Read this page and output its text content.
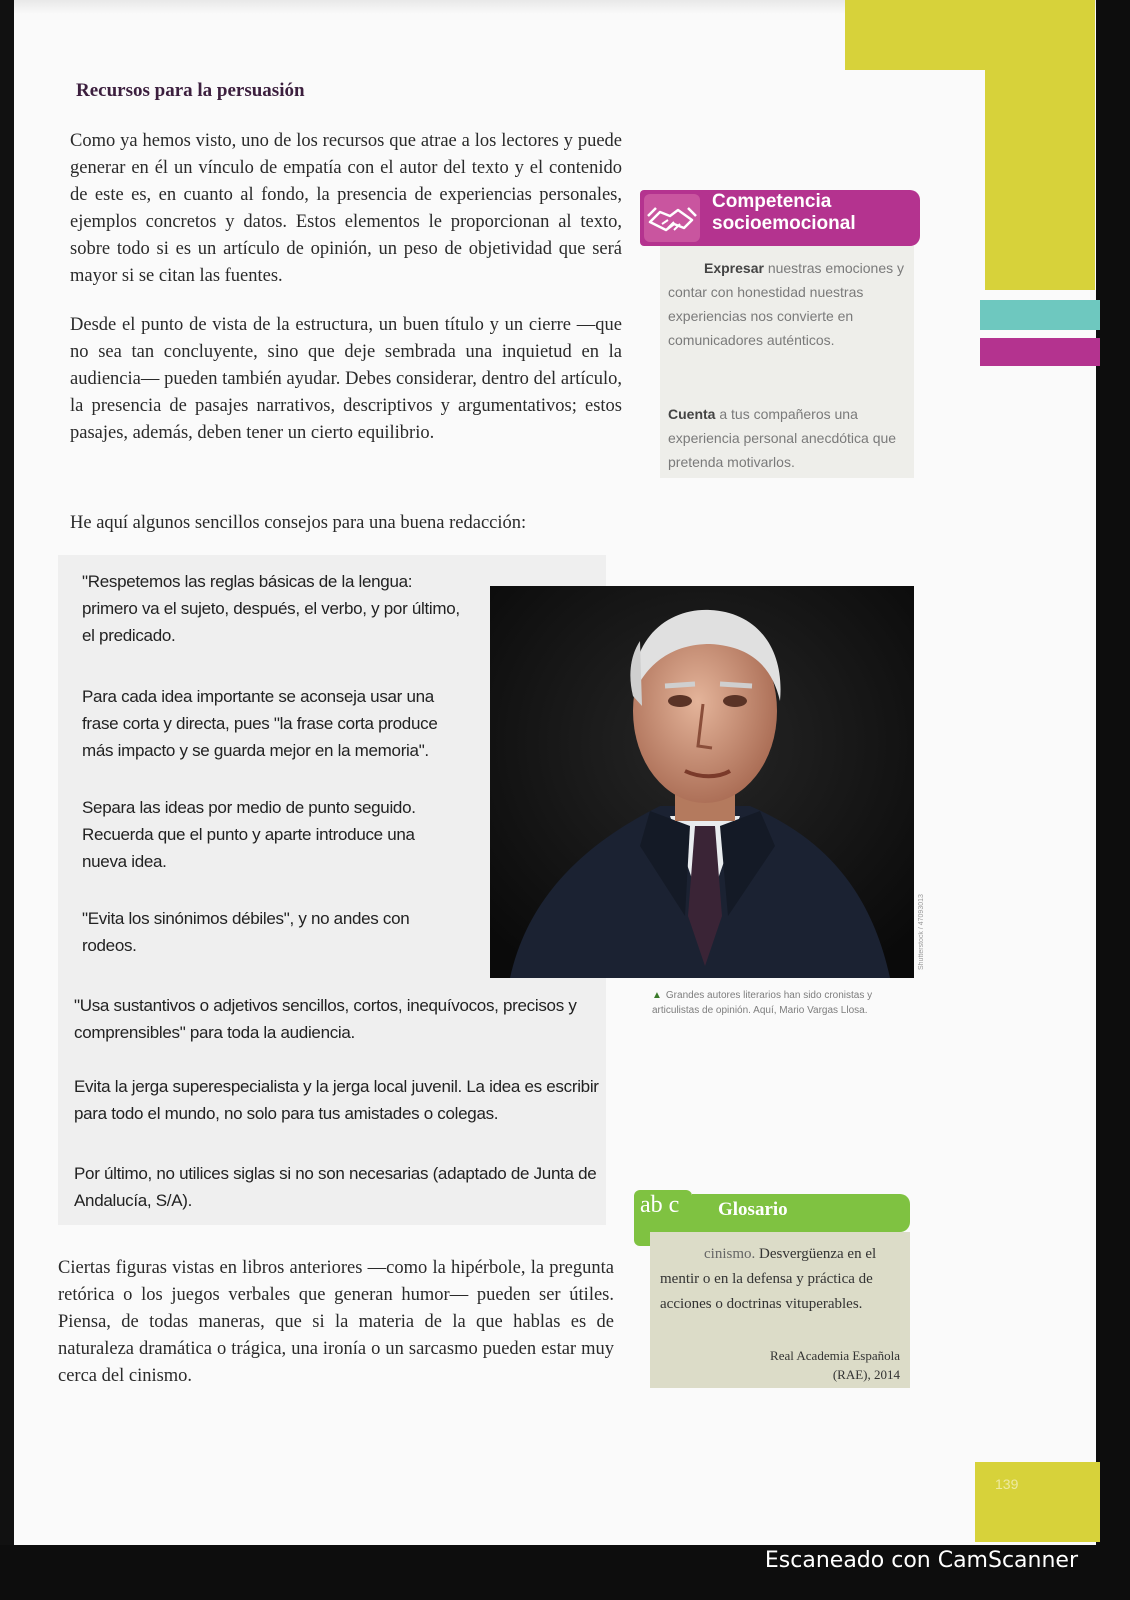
Recursos para la persuasión
Como ya hemos visto, uno de los recursos que atrae a los lectores y puede generar en él un vínculo de empatía con el autor del texto y el contenido de este es, en cuanto al fondo, la presencia de experiencias personales, ejemplos concretos y datos. Estos elementos le proporcionan al texto, sobre todo si es un artículo de opinión, un peso de objetividad que será mayor si se citan las fuentes.
Desde el punto de vista de la estructura, un buen título y un cierre —que no sea tan concluyente, sino que deje sembrada una inquietud en la audiencia— pueden también ayudar. Debes considerar, dentro del artículo, la presencia de pasajes narrativos, descriptivos y argumentativos; estos pasajes, además, deben tener un cierto equilibrio.
He aquí algunos sencillos consejos para una buena redacción:
Competencia
socioemocional
Expresar nuestras emociones y contar con honestidad nuestras experiencias nos convierte en comunicadores auténticos.
Cuenta a tus compañeros una experiencia personal anecdótica que pretenda motivarlos.
"Respetemos las reglas básicas de la lengua: primero va el sujeto, después, el verbo, y por último, el predicado.
Para cada idea importante se aconseja usar una frase corta y directa, pues "la frase corta produce más impacto y se guarda mejor en la memoria".
Separa las ideas por medio de punto seguido. Recuerda que el punto y aparte introduce una nueva idea.
"Evita los sinónimos débiles", y no andes con rodeos.
"Usa sustantivos o adjetivos sencillos, cortos, inequívocos, precisos y comprensibles" para toda la audiencia.
Evita la jerga superespecialista y la jerga local juvenil. La idea es escribir para todo el mundo, no solo para tus amistades o colegas.
Por último, no utilices siglas si no son necesarias (adaptado de Junta de Andalucía, S/A).
Shutterstock / 47093013
▲ Grandes autores literarios han sido cronistas y articulistas de opinión. Aquí, Mario Vargas Llosa.
Ciertas figuras vistas en libros anteriores —como la hipérbole, la pregunta retórica o los juegos verbales que generan humor— pueden ser útiles. Piensa, de todas maneras, que si la materia de la que hablas es de naturaleza dramática o trágica, una ironía o un sarcasmo pueden estar muy cerca del cinismo.
ab c Glosario
cinismo. Desvergüenza en el mentir o en la defensa y práctica de acciones o doctrinas vituperables.
Real Academia Española
(RAE), 2014
139
Escaneado con CamScanner
